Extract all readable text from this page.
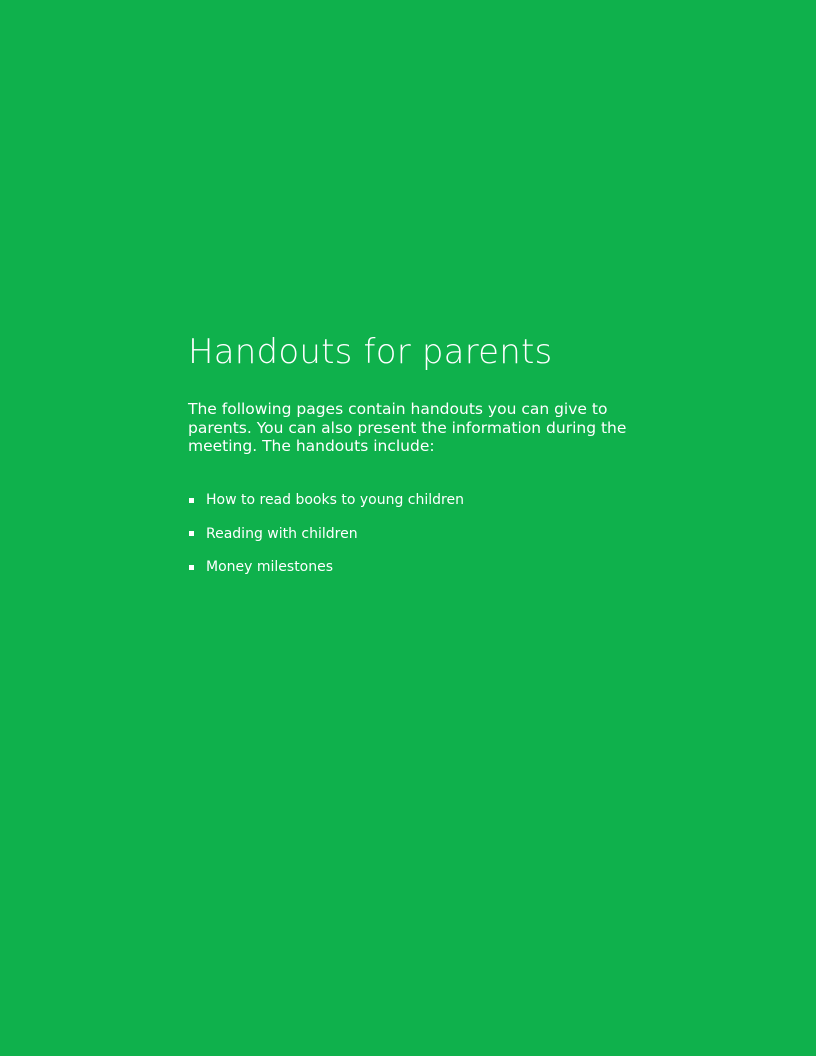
Handouts for parents

The following pages contain handouts you can give to parents. You can also present the information during the meeting. The handouts include:

How to read books to young children
Reading with children
Money milestones
